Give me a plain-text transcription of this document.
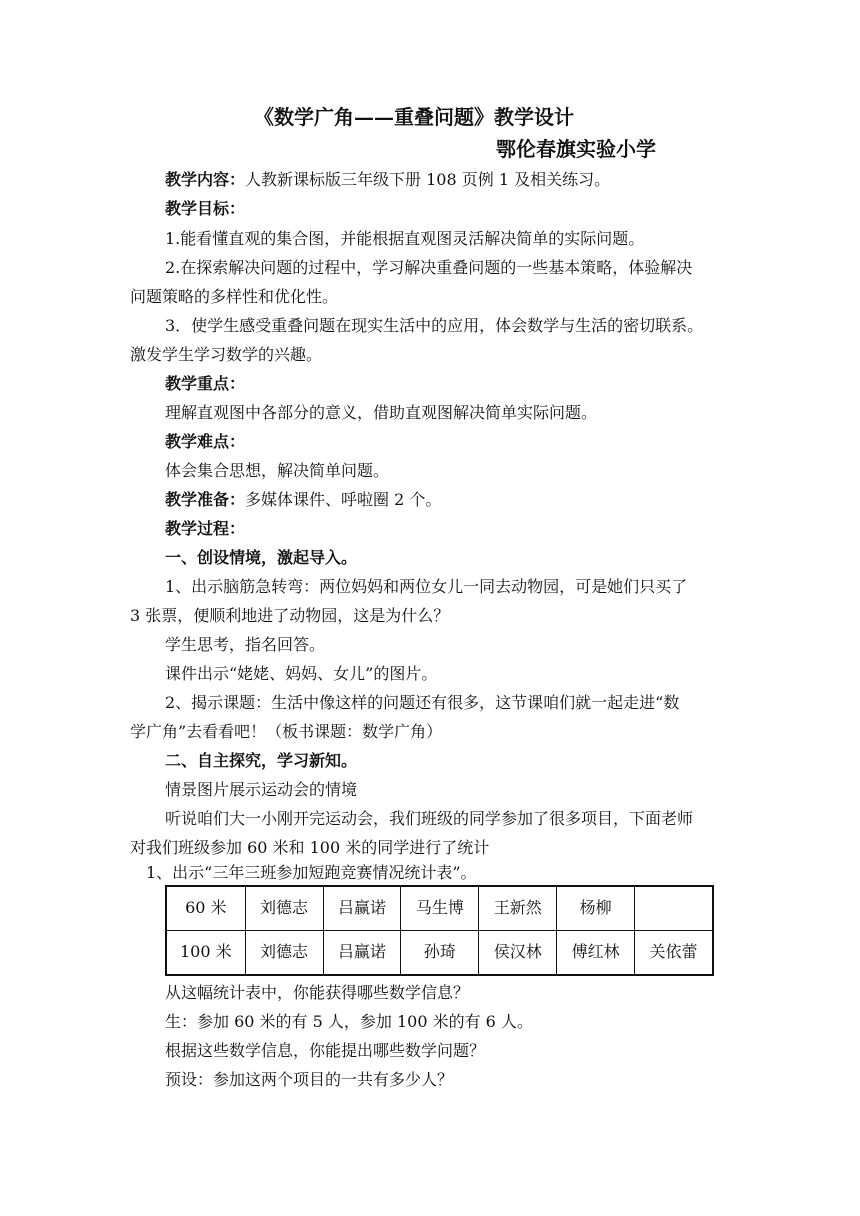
《数学广角——重叠问题》教学设计
鄂伦春旗实验小学
教学内容：人教新课标版三年级下册 108 页例 1 及相关练习。
教学目标：
1.能看懂直观的集合图，并能根据直观图灵活解决简单的实际问题。
2.在探索解决问题的过程中，学习解决重叠问题的一些基本策略，体验解决
问题策略的多样性和优化性。
3．使学生感受重叠问题在现实生活中的应用，体会数学与生活的密切联系。
激发学生学习数学的兴趣。
教学重点：
理解直观图中各部分的意义，借助直观图解决简单实际问题。
教学难点：
体会集合思想，解决简单问题。
教学准备：多媒体课件、呼啦圈 2 个。
教学过程：
一、创设情境，激起导入。
1、出示脑筋急转弯：两位妈妈和两位女儿一同去动物园，可是她们只买了
3 张票，便顺利地进了动物园，这是为什么？
学生思考，指名回答。
课件出示“姥姥、妈妈、女儿”的图片。
2、揭示课题：生活中像这样的问题还有很多，这节课咱们就一起走进“数
学广角”去看看吧！（板书课题：数学广角）
二、自主探究，学习新知。
情景图片展示运动会的情境
听说咱们大一小刚开完运动会，我们班级的同学参加了很多项目，下面老师
对我们班级参加 60 米和 100 米的同学进行了统计
1、出示“三年三班参加短跑竞赛情况统计表”。
60 米	刘德志	吕赢诺	马生博	王新然	杨柳	
100 米	刘德志	吕赢诺	孙琦	侯汉林	傅红林	关依蕾
从这幅统计表中，你能获得哪些数学信息？
生：参加 60 米的有 5 人，参加 100 米的有 6 人。
根据这些数学信息，你能提出哪些数学问题？
预设：参加这两个项目的一共有多少人？
